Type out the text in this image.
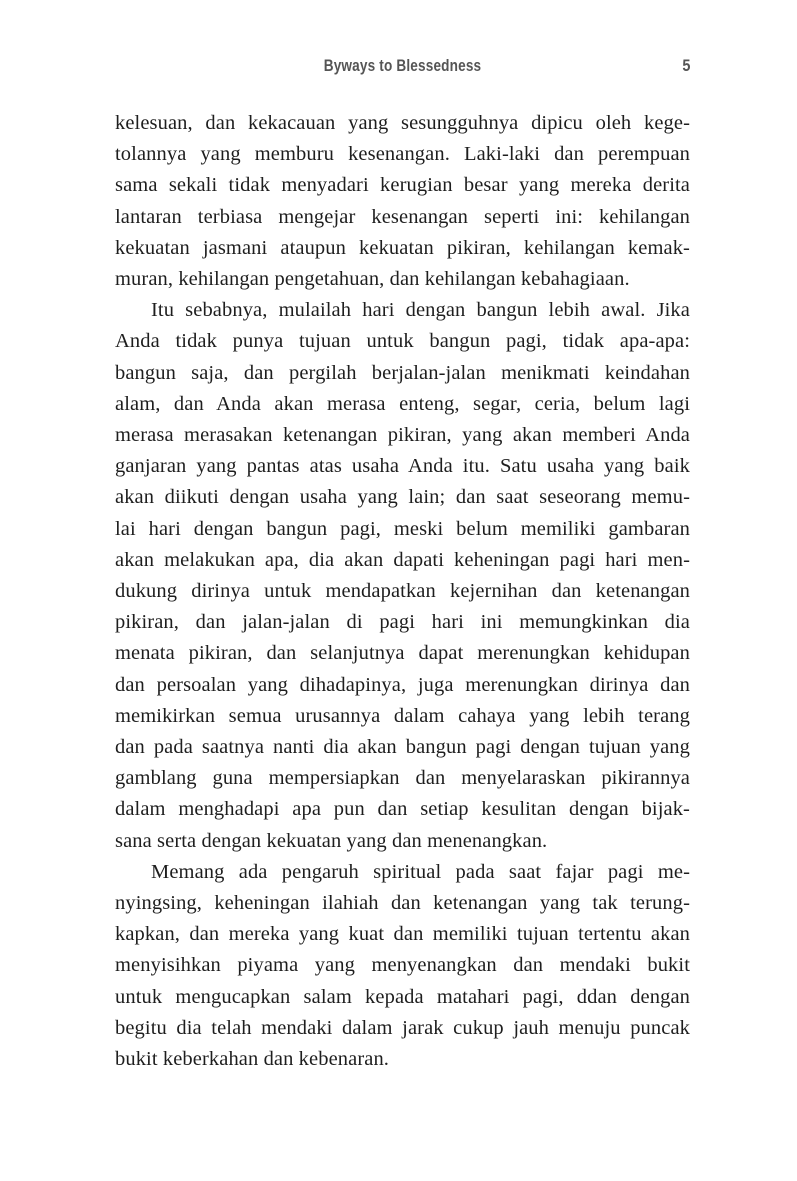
Byways to Blessedness	5
kelesuan, dan kekacauan yang sesungguhnya dipicu oleh kege-
tolannya yang memburu kesenangan. Laki-laki dan perempuan
sama sekali tidak menyadari kerugian besar yang mereka derita
lantaran terbiasa mengejar kesenangan seperti ini: kehilangan
kekuatan jasmani ataupun kekuatan pikiran, kehilangan kemak-
muran, kehilangan pengetahuan, dan kehilangan kebahagiaan.
Itu sebabnya, mulailah hari dengan bangun lebih awal. Jika
Anda tidak punya tujuan untuk bangun pagi, tidak apa-apa:
bangun saja, dan pergilah berjalan-jalan menikmati keindahan
alam, dan Anda akan merasa enteng, segar, ceria, belum lagi
merasa merasakan ketenangan pikiran, yang akan memberi Anda
ganjaran yang pantas atas usaha Anda itu. Satu usaha yang baik
akan diikuti dengan usaha yang lain; dan saat seseorang memu-
lai hari dengan bangun pagi, meski belum memiliki gambaran
akan melakukan apa, dia akan dapati keheningan pagi hari men-
dukung dirinya untuk mendapatkan kejernihan dan ketenangan
pikiran, dan jalan-jalan di pagi hari ini memungkinkan dia
menata pikiran, dan selanjutnya dapat merenungkan kehidupan
dan persoalan yang dihadapinya, juga merenungkan dirinya dan
memikirkan semua urusannya dalam cahaya yang lebih terang
dan pada saatnya nanti dia akan bangun pagi dengan tujuan yang
gamblang guna mempersiapkan dan menyelaraskan pikirannya
dalam menghadapi apa pun dan setiap kesulitan dengan bijak-
sana serta dengan kekuatan yang dan menenangkan.
Memang ada pengaruh spiritual pada saat fajar pagi me-
nyingsing, keheningan ilahiah dan ketenangan yang tak terung-
kapkan, dan mereka yang kuat dan memiliki tujuan tertentu akan
menyisihkan piyama yang menyenangkan dan mendaki bukit
untuk mengucapkan salam kepada matahari pagi, ddan dengan
begitu dia telah mendaki dalam jarak cukup jauh menuju puncak
bukit keberkahan dan kebenaran.
